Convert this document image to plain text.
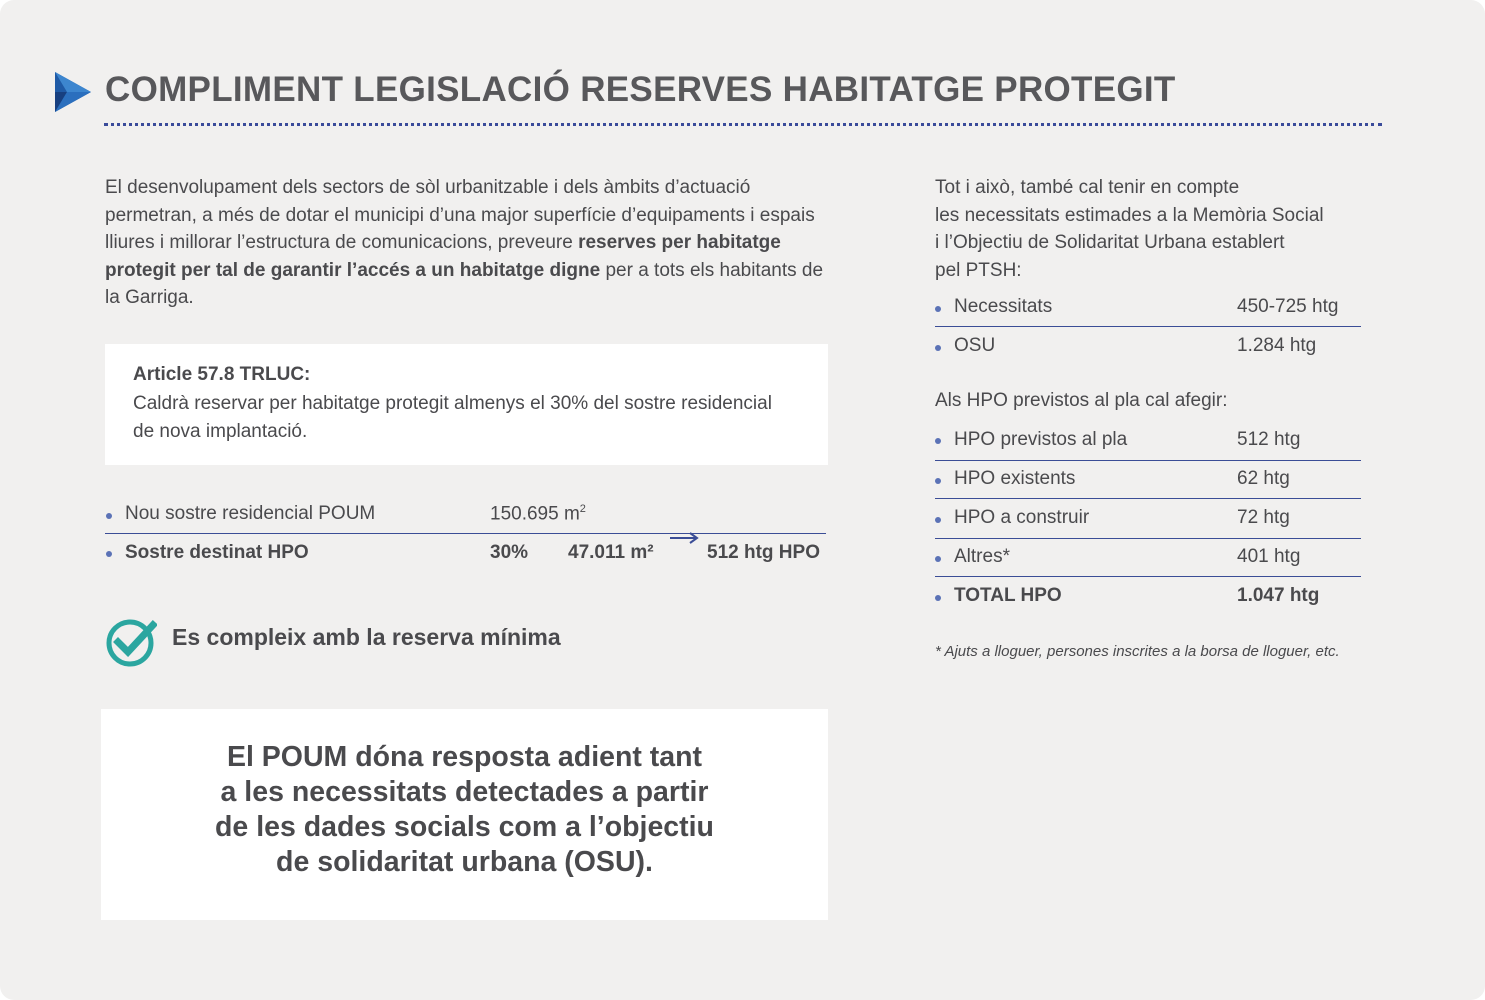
COMPLIMENT LEGISLACIÓ RESERVES HABITATGE PROTEGIT
El desenvolupament dels sectors de sòl urbanitzable i dels àmbits d’actuació permetran, a més de dotar el municipi d’una major superfície d’equipaments i espais lliures i millorar l’estructura de comunicacions, preveure reserves per habitatge protegit per tal de garantir l’accés a un habitatge digne per a tots els habitants de la Garriga.
Article 57.8 TRLUC:
Caldrà reservar per habitatge protegit almenys el 30% del sostre residencial de nova implantació.
Nou sostre residencial POUM	150.695 $m^2$
Sostre destinat HPO	30% 47.011 m²	512 htg HPO
Es compleix amb la reserva mínima
El POUM dóna resposta adient tant
a les necessitats detectades a partir
de les dades socials com a l’objectiu
de solidaritat urbana (OSU).
Tot i això, també cal tenir en compte
les necessitats estimades a la Memòria Social
i l’Objectiu de Solidaritat Urbana establert
pel PTSH:
Necessitats	450-725 htg
OSU	1.284 htg
Als HPO previstos al pla cal afegir:
HPO previstos al pla	512 htg
HPO existents	62 htg
HPO a construir	72 htg
Altres*	401 htg
TOTAL HPO	1.047 htg
* Ajuts a lloguer, persones inscrites a la borsa de lloguer, etc.
